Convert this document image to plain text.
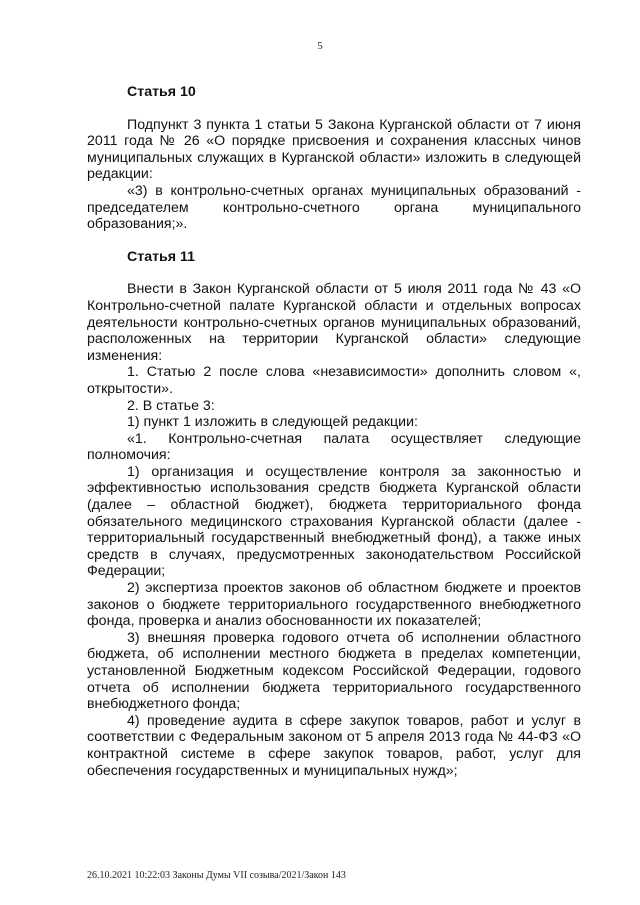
5
Статья 10

Подпункт 3 пункта 1 статьи 5 Закона Курганской области от 7 июня 2011 года № 26 «О порядке присвоения и сохранения классных чинов муниципальных служащих в Курганской области» изложить в следующей редакции:

«3) в контрольно-счетных органах муниципальных образований - председателем контрольно-счетного органа муниципального образования;».

Статья 11

Внести в Закон Курганской области от 5 июля 2011 года № 43 «О Контрольно-счетной палате Курганской области и отдельных вопросах деятельности контрольно-счетных органов муниципальных образований, расположенных на территории Курганской области» следующие изменения:

1. Статью 2 после слова «независимости» дополнить словом «, открытости».

2. В статье 3:

1) пункт 1 изложить в следующей редакции:

«1. Контрольно-счетная палата осуществляет следующие полномочия:

1) организация и осуществление контроля за законностью и эффективностью использования средств бюджета Курганской области (далее – областной бюджет), бюджета территориального фонда обязательного медицинского страхования Курганской области (далее - территориальный государственный внебюджетный фонд), а также иных средств в случаях, предусмотренных законодательством Российской Федерации;

2) экспертиза проектов законов об областном бюджете и проектов законов о бюджете территориального государственного внебюджетного фонда, проверка и анализ обоснованности их показателей;

3) внешняя проверка годового отчета об исполнении областного бюджета, об исполнении местного бюджета в пределах компетенции, установленной Бюджетным кодексом Российской Федерации, годового отчета об исполнении бюджета территориального государственного внебюджетного фонда;

4) проведение аудита в сфере закупок товаров, работ и услуг в соответствии с Федеральным законом от 5 апреля 2013 года № 44-ФЗ «О контрактной системе в сфере закупок товаров, работ, услуг для обеспечения государственных и муниципальных нужд»;

26.10.2021 10:22:03 Законы Думы VII созыва/2021/Закон 143
